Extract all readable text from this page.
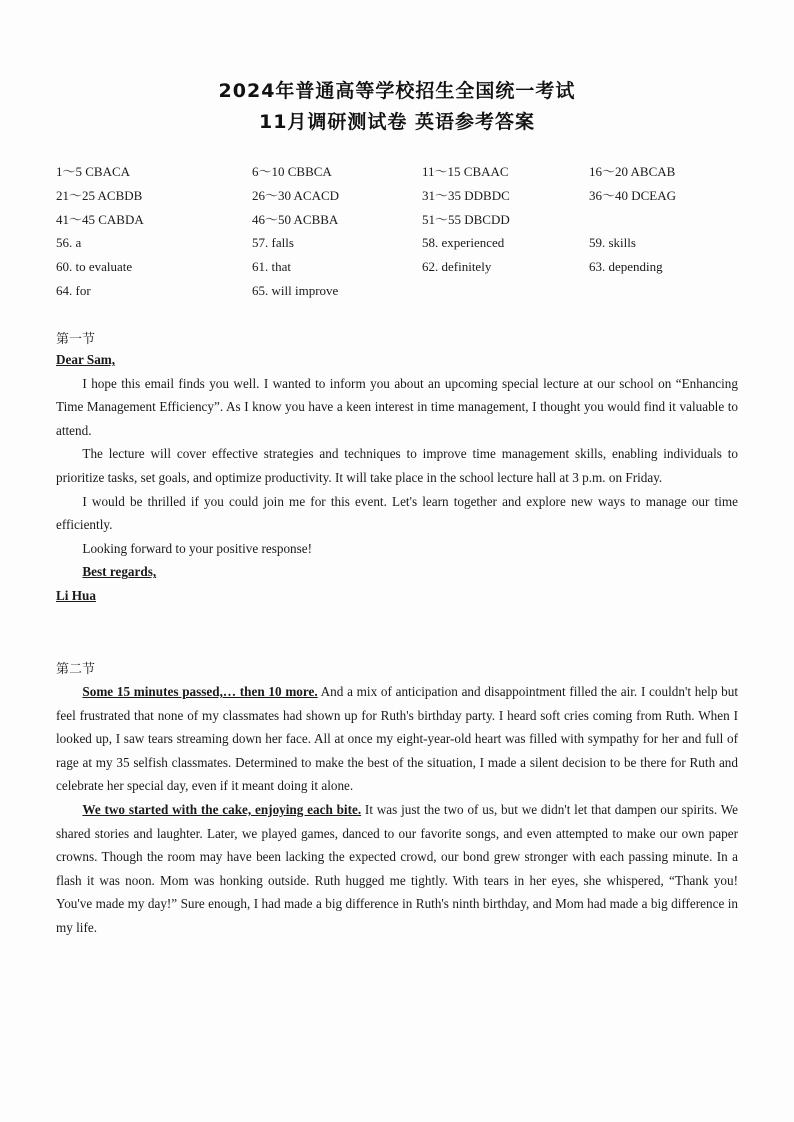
2024年普通高等学校招生全国统一考试
11月调研测试卷 英语参考答案
1～5 CBACA	6～10 CBBCA	11～15 CBAAC	16～20 ABCAB
21～25 ACBDB	26～30 ACACD	31～35 DDBDC	36～40 DCEAG
41～45 CABDA	46～50 ACBBA	51～55 DBCDD
56. a	57. falls	58. experienced	59. skills
60. to evaluate	61. that	62. definitely	63. depending
64. for	65. will improve
第一节

Dear Sam,

I hope this email finds you well. I wanted to inform you about an upcoming special lecture at our school on “Enhancing Time Management Efficiency”. As I know you have a keen interest in time management, I thought you would find it valuable to attend.

The lecture will cover effective strategies and techniques to improve time management skills, enabling individuals to prioritize tasks, set goals, and optimize productivity. It will take place in the school lecture hall at 3 p.m. on Friday.

I would be thrilled if you could join me for this event. Let's learn together and explore new ways to manage our time efficiently.

Looking forward to your positive response!

Best regards,

Li Hua

第二节

Some 15 minutes passed,… then 10 more. And a mix of anticipation and disappointment filled the air. I couldn't help but feel frustrated that none of my classmates had shown up for Ruth's birthday party. I heard soft cries coming from Ruth. When I looked up, I saw tears streaming down her face. All at once my eight-year-old heart was filled with sympathy for her and full of rage at my 35 selfish classmates. Determined to make the best of the situation, I made a silent decision to be there for Ruth and celebrate her special day, even if it meant doing it alone.

We two started with the cake, enjoying each bite. It was just the two of us, but we didn't let that dampen our spirits. We shared stories and laughter. Later, we played games, danced to our favorite songs, and even attempted to make our own paper crowns. Though the room may have been lacking the expected crowd, our bond grew stronger with each passing minute. In a flash it was noon. Mom was honking outside. Ruth hugged me tightly. With tears in her eyes, she whispered, “Thank you! You've made my day!” Sure enough, I had made a big difference in Ruth's ninth birthday, and Mom had made a big difference in my life.
